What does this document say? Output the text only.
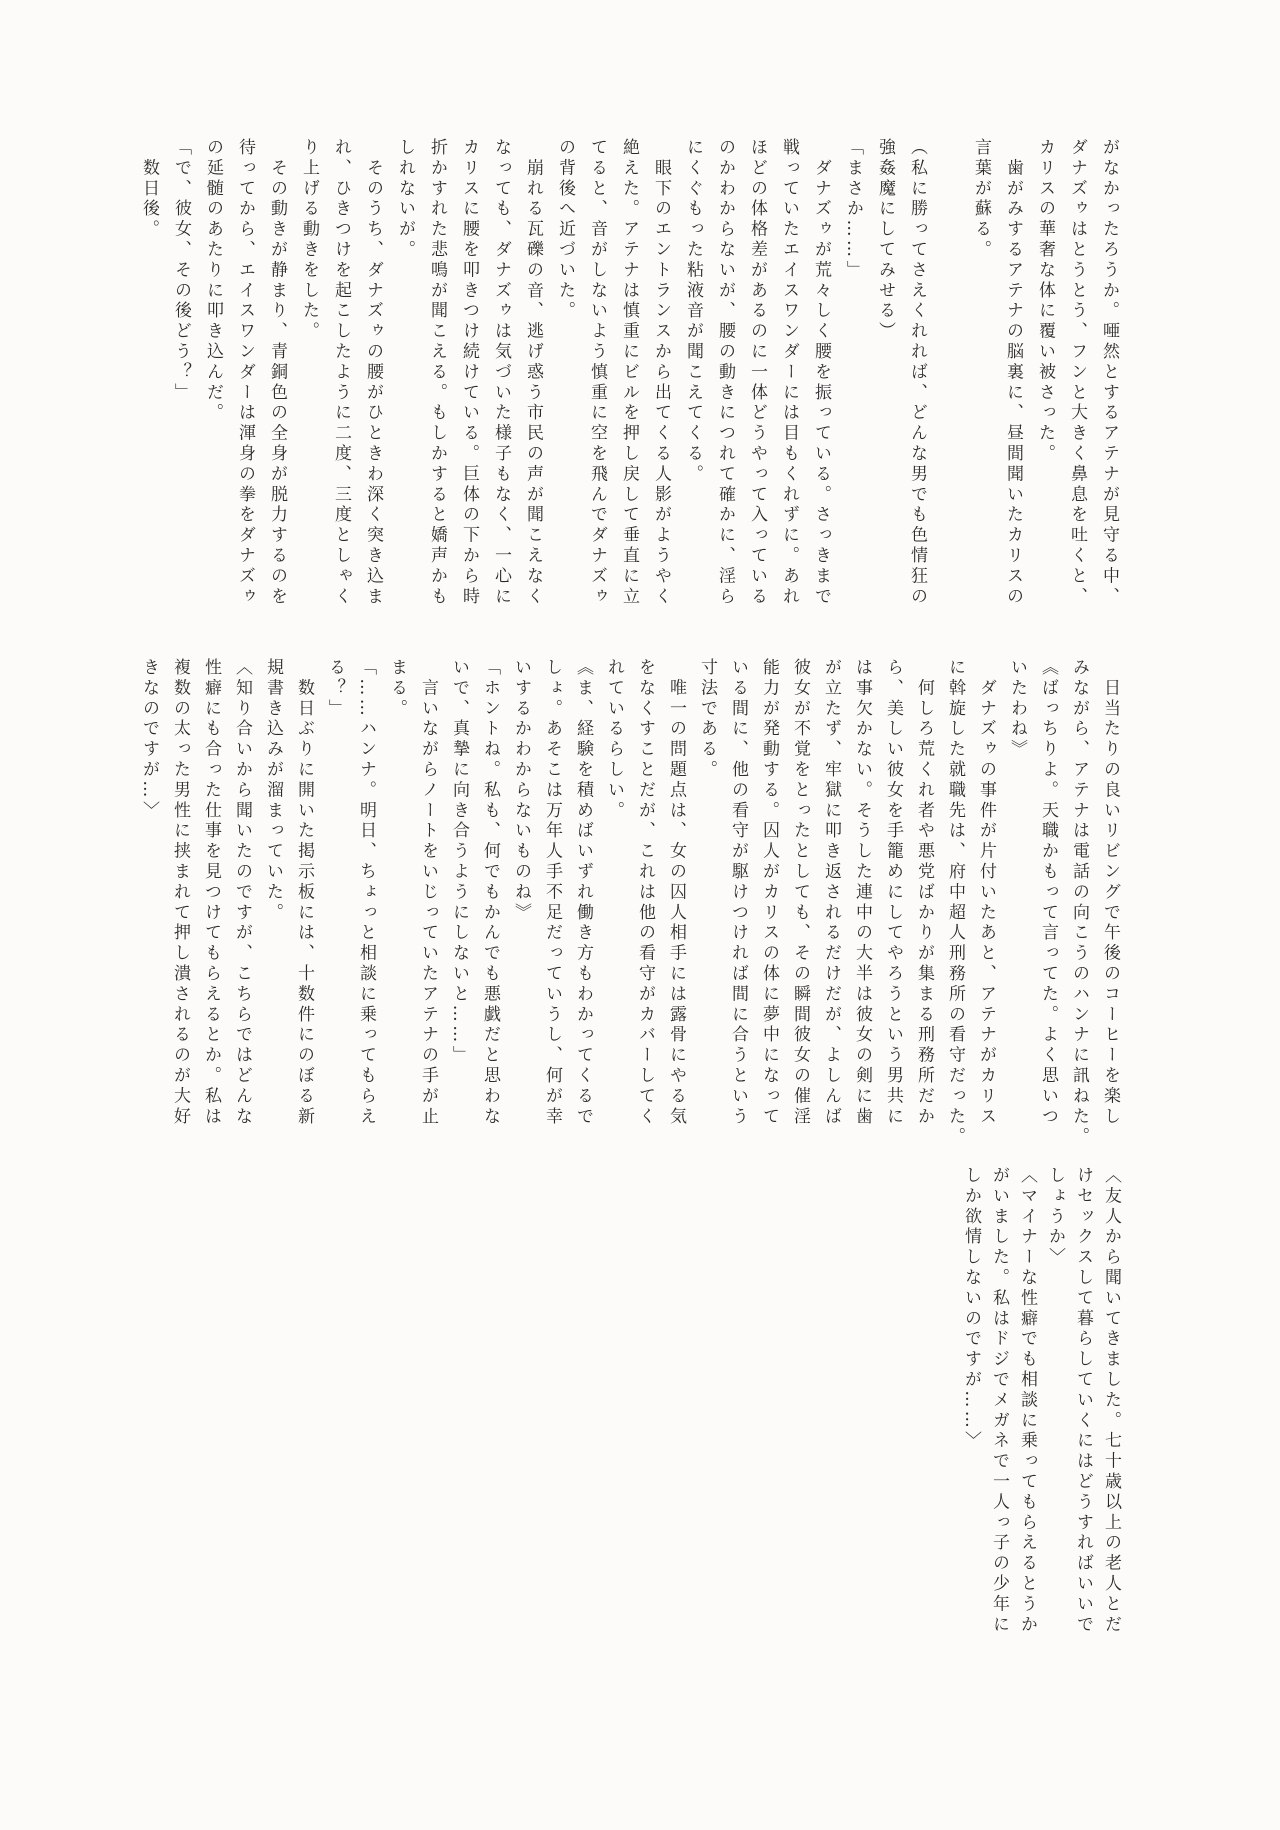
がなかったろうか。唖然とするアテナが見守る中、

ダナズゥはとうとう、フンと大きく鼻息を吐くと、

カリスの華奢な体に覆い被さった。

　歯がみするアテナの脳裏に、昼間聞いたカリスの

言葉が蘇る。

（私に勝ってさえくれれば、どんな男でも色情狂の

強姦魔にしてみせる）

「まさか……」

　ダナズゥが荒々しく腰を振っている。さっきまで

戦っていたエイスワンダーには目もくれずに。あれ

ほどの体格差があるのに一体どうやって入っている

のかわからないが、腰の動きにつれて確かに、淫ら

にくぐもった粘液音が聞こえてくる。

　眼下のエントランスから出てくる人影がようやく

絶えた。アテナは慎重にビルを押し戻して垂直に立

てると、音がしないよう慎重に空を飛んでダナズゥ

の背後へ近づいた。

　崩れる瓦礫の音、逃げ惑う市民の声が聞こえなく

なっても、ダナズゥは気づいた様子もなく、一心に

カリスに腰を叩きつけ続けている。巨体の下から時

折かすれた悲鳴が聞こえる。もしかすると嬌声かも

しれないが。

　そのうち、ダナズゥの腰がひときわ深く突き込ま

れ、ひきつけを起こしたように二度、三度としゃく

り上げる動きをした。

　その動きが静まり、青銅色の全身が脱力するのを

待ってから、エイスワンダーは渾身の拳をダナズゥ

の延髄のあたりに叩き込んだ。

「で、彼女、その後どう？」

　数日後。

　日当たりの良いリビングで午後のコーヒーを楽し

みながら、アテナは電話の向こうのハンナに訊ねた。

《ばっちりよ。天職かもって言ってた。よく思いつ

いたわね》

　ダナズゥの事件が片付いたあと、アテナがカリス

に斡旋した就職先は、府中超人刑務所の看守だった。

　何しろ荒くれ者や悪党ばかりが集まる刑務所だか

ら、美しい彼女を手籠めにしてやろうという男共に

は事欠かない。そうした連中の大半は彼女の剣に歯

が立たず、牢獄に叩き返されるだけだが、よしんば

彼女が不覚をとったとしても、その瞬間彼女の催淫

能力が発動する。囚人がカリスの体に夢中になって

いる間に、他の看守が駆けつければ間に合うという

寸法である。

　唯一の問題点は、女の囚人相手には露骨にやる気

をなくすことだが、これは他の看守がカバーしてく

れているらしい。

《ま、経験を積めばいずれ働き方もわかってくるで

しょ。あそこは万年人手不足だっていうし、何が幸

いするかわからないものね》

「ホントね。私も、何でもかんでも悪戯だと思わな

いで、真摯に向き合うようにしないと……」

　言いながらノートをいじっていたアテナの手が止

まる。

「……ハンナ。明日、ちょっと相談に乗ってもらえ

る？」

　数日ぶりに開いた掲示板には、十数件にのぼる新

規書き込みが溜まっていた。

〈知り合いから聞いたのですが、こちらではどんな

性癖にも合った仕事を見つけてもらえるとか。私は

複数の太った男性に挟まれて押し潰されるのが大好

きなのですが…〉

〈友人から聞いてきました。七十歳以上の老人とだ

けセックスして暮らしていくにはどうすればいいで

しょうか〉

〈マイナーな性癖でも相談に乗ってもらえるとうか

がいました。私はドジでメガネで一人っ子の少年に

しか欲情しないのですが……〉
